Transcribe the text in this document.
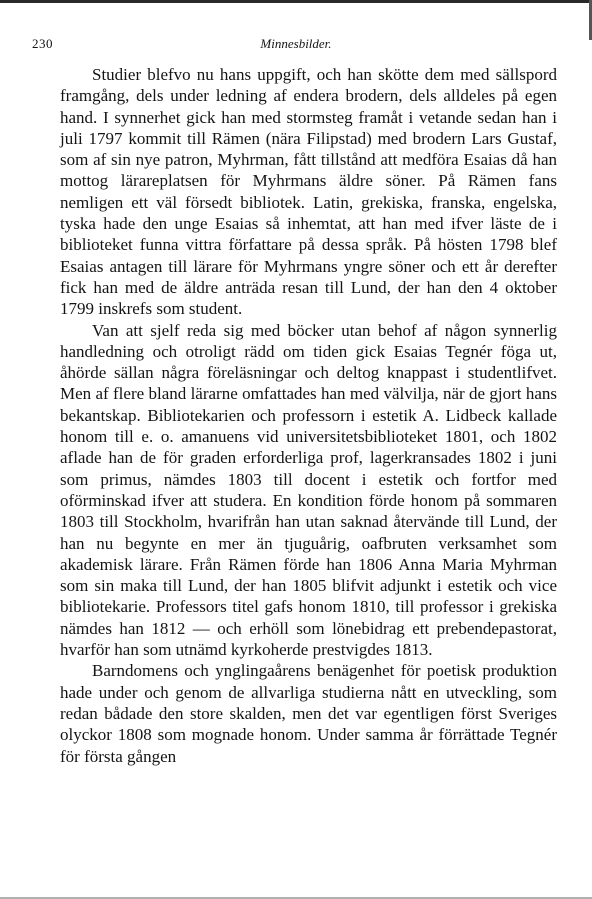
230	Minnesbilder.

Studier blefvo nu hans uppgift, och han skötte dem med sällspord framgång, dels under ledning af endera brodern, dels alldeles på egen hand. I synnerhet gick han med stormsteg framåt i vetande sedan han i juli 1797 kommit till Rämen (nära Filipstad) med brodern Lars Gustaf, som af sin nye patron, Myhrman, fått tillstånd att medföra Esaias då han mottog lärareplatsen för Myhrmans äldre söner. På Rämen fans nemligen ett väl försedt bibliotek. Latin, grekiska, franska, engelska, tyska hade den unge Esaias så inhemtat, att han med ifver läste de i biblioteket funna vittra författare på dessa språk. På hösten 1798 blef Esaias antagen till lärare för Myhrmans yngre söner och ett år derefter fick han med de äldre anträda resan till Lund, der han den 4 oktober 1799 inskrefs som student.

Van att sjelf reda sig med böcker utan behof af någon synnerlig handledning och otroligt rädd om tiden gick Esaias Tegnér föga ut, åhörde sällan några föreläsningar och deltog knappast i studentlifvet. Men af flere bland lärarne omfattades han med välvilja, när de gjort hans bekantskap. Bibliotekarien och professorn i estetik A. Lidbeck kallade honom till e. o. amanuens vid universitetsbiblioteket 1801, och 1802 aflade han de för graden erforderliga prof, lagerkransades 1802 i juni som primus, nämdes 1803 till docent i estetik och fortfor med oförminskad ifver att studera. En kondition förde honom på sommaren 1803 till Stockholm, hvarifrån han utan saknad återvände till Lund, der han nu begynte en mer än tjuguårig, oafbruten verksamhet som akademisk lärare. Från Rämen förde han 1806 Anna Maria Myhrman som sin maka till Lund, der han 1805 blifvit adjunkt i estetik och vice bibliotekarie. Professors titel gafs honom 1810, till professor i grekiska nämdes han 1812 — och erhöll som lönebidrag ett prebendepastorat, hvarför han som utnämd kyrkoherde prestvigdes 1813.

Barndomens och ynglingaårens benägenhet för poetisk produktion hade under och genom de allvarliga studierna nått en utveckling, som redan bådade den store skalden, men det var egentligen först Sveriges olyckor 1808 som mognade honom. Under samma år förrättade Tegnér för första gången
